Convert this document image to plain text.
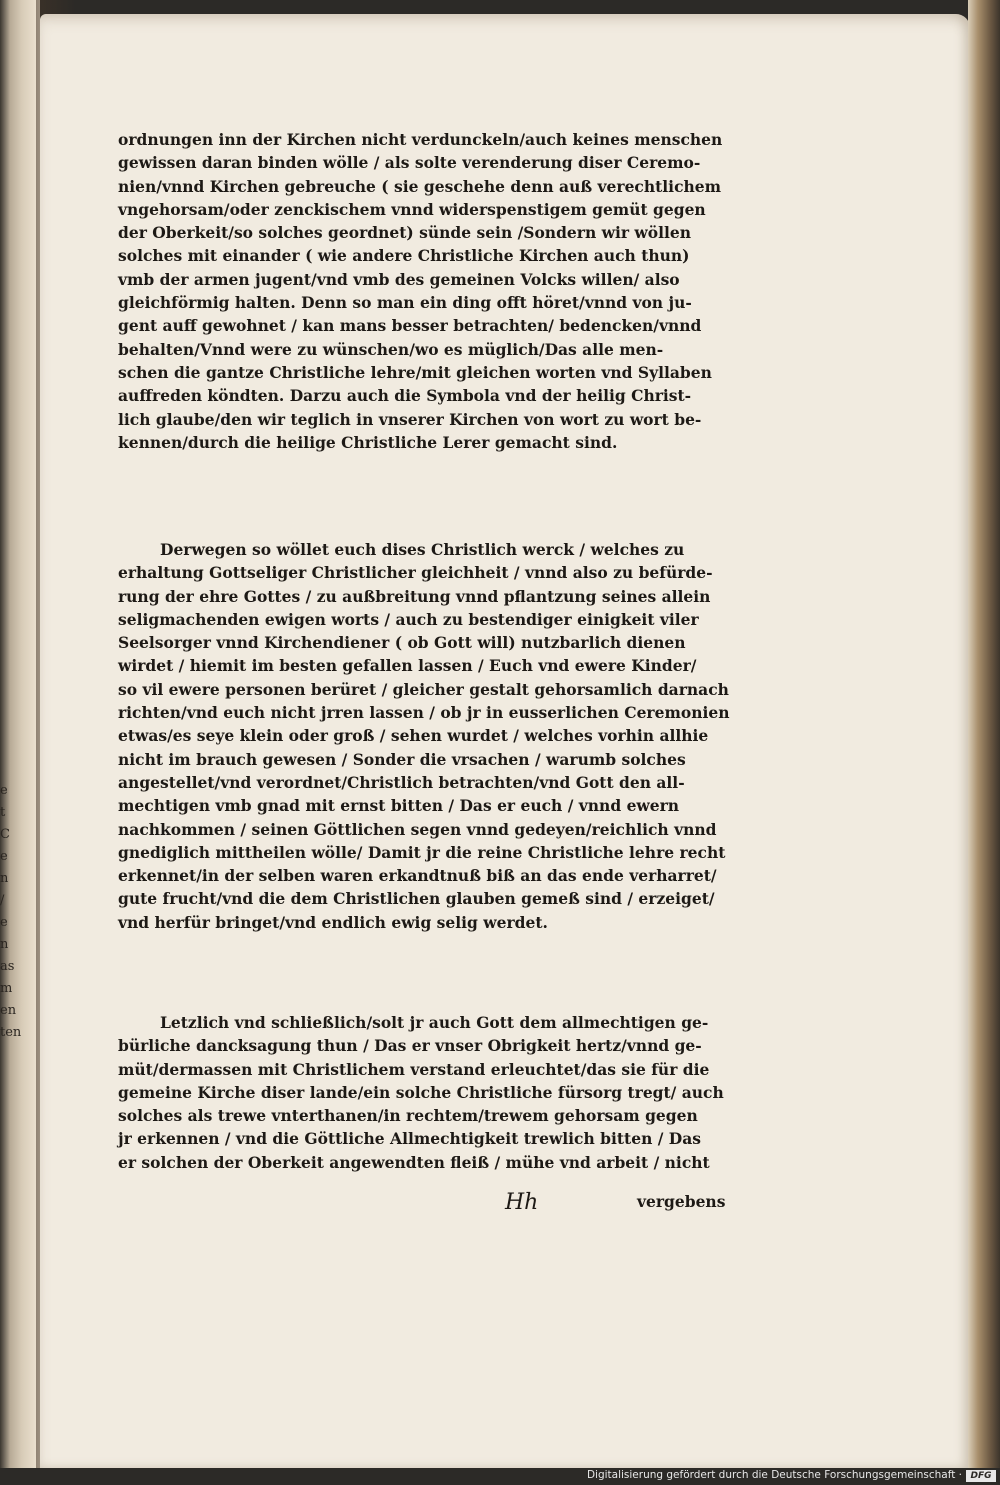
e
t
C
e
n
/
e
n
as
m
en
ten
ordnungen inn der Kirchen nicht verdunckeln/auch keines menschen
gewissen daran binden wölle / als solte verenderung diser Ceremo-
nien/vnnd Kirchen gebreuche ( sie geschehe denn auß verechtlichem
vngehorsam/oder zenckischem vnnd widerspenstigem gemüt gegen
der Oberkeit/so solches geordnet) sünde sein /Sondern wir wöllen
solches mit einander ( wie andere Christliche Kirchen auch thun)
vmb der armen jugent/vnd vmb des gemeinen Volcks willen/ also
gleichförmig halten. Denn so man ein ding offt höret/vnnd von ju-
gent auff gewohnet / kan mans besser betrachten/ bedencken/vnnd
behalten/Vnnd were zu wünschen/wo es müglich/Das alle men-
schen die gantze Christliche lehre/mit gleichen worten vnd Syllaben
auffreden köndten. Darzu auch die Symbola vnd der heilig Christ-
lich glaube/den wir teglich in vnserer Kirchen von wort zu wort be-
kennen/durch die heilige Christliche Lerer gemacht sind.
Derwegen so wöllet euch dises Christlich werck / welches zu
erhaltung Gottseliger Christlicher gleichheit / vnnd also zu befürde-
rung der ehre Gottes / zu außbreitung vnnd pflantzung seines allein
seligmachenden ewigen worts / auch zu bestendiger einigkeit viler
Seelsorger vnnd Kirchendiener ( ob Gott will) nutzbarlich dienen
wirdet / hiemit im besten gefallen lassen / Euch vnd ewere Kinder/
so vil ewere personen berüret / gleicher gestalt gehorsamlich darnach
richten/vnd euch nicht jrren lassen / ob jr in eusserlichen Ceremonien
etwas/es seye klein oder groß / sehen wurdet / welches vorhin allhie
nicht im brauch gewesen / Sonder die vrsachen / warumb solches
angestellet/vnd verordnet/Christlich betrachten/vnd Gott den all-
mechtigen vmb gnad mit ernst bitten / Das er euch / vnnd ewern
nachkommen / seinen Göttlichen segen vnnd gedeyen/reichlich vnnd
gnediglich mittheilen wölle/ Damit jr die reine Christliche lehre recht
erkennet/in der selben waren erkandtnuß biß an das ende verharret/
gute frucht/vnd die dem Christlichen glauben gemeß sind / erzeiget/
vnd herfür bringet/vnd endlich ewig selig werdet.
Letzlich vnd schließlich/solt jr auch Gott dem allmechtigen ge-
bürliche dancksagung thun / Das er vnser Obrigkeit hertz/vnnd ge-
müt/dermassen mit Christlichem verstand erleuchtet/das sie für die
gemeine Kirche diser lande/ein solche Christliche fürsorg tregt/ auch
solches als trewe vnterthanen/in rechtem/trewem gehorsam gegen
jr erkennen / vnd die Göttliche Allmechtigkeit trewlich bitten / Das
er solchen der Oberkeit angewendten fleiß / mühe vnd arbeit / nicht
Hh	vergebens
Digitalisierung gefördert durch die Deutsche Forschungsgemeinschaft · DFG
